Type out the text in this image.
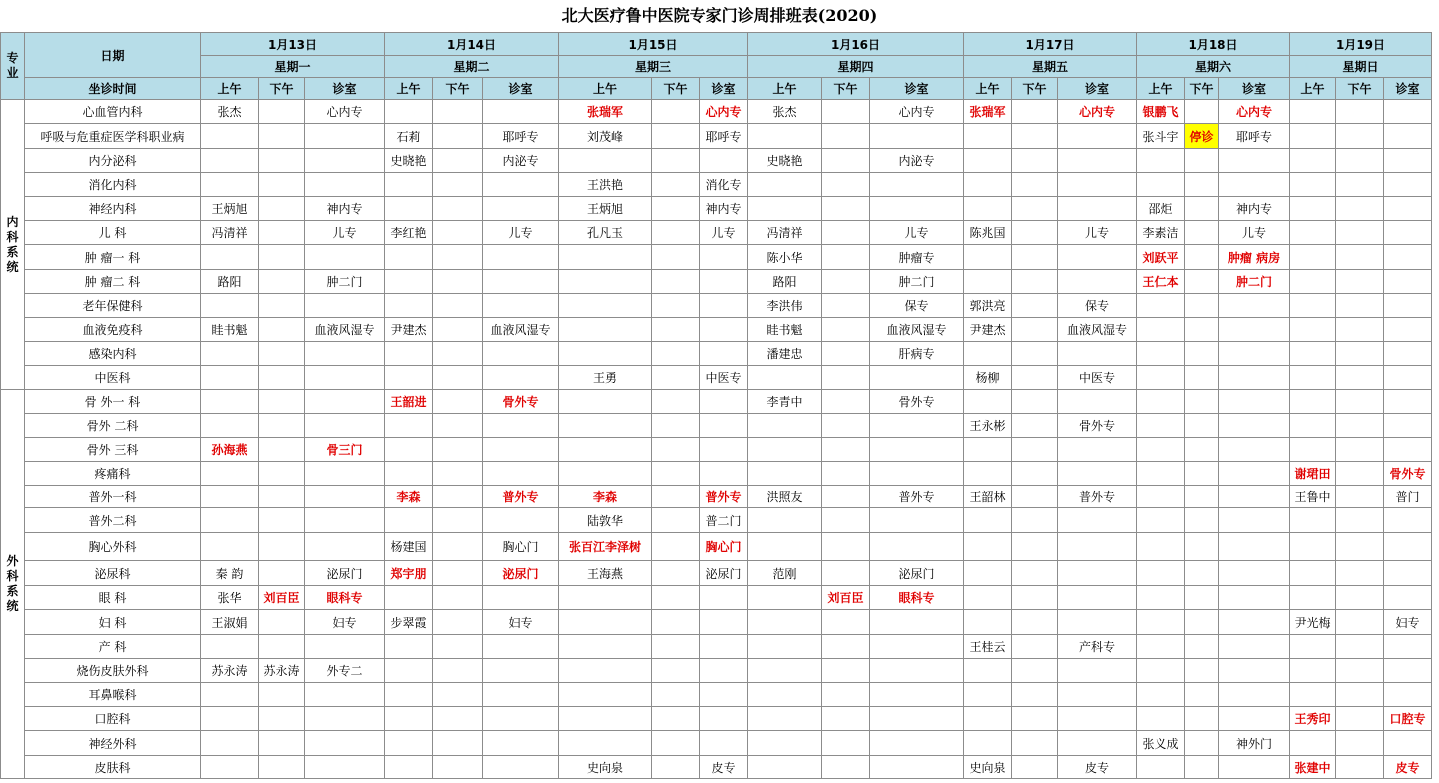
北大医疗鲁中医院专家门诊周排班表(2020)
专业	日期	1月13日			1月14日			1月15日			1月16日			1月17日			1月18日			1月19日		
		星期一			星期二			星期三			星期四			星期五			星期六			星期日		
	坐诊时间	上午	下午	诊室	上午	下午	诊室	上午	下午	诊室	上午	下午	诊室	上午	下午	诊室	上午	下午	诊室	上午	下午	诊室
内科系统	心血管内科	张杰		心内专				张瑞军		心内专	张杰		心内专	张瑞军		心内专	银鹏飞		心内专			
	呼吸与危重症医学科职业病				石莉		耶呼专	刘茂峰		耶呼专							张斗宇	停诊	耶呼专			
	内分泌科				史晓艳		内泌专				史晓艳		内泌专									
	消化内科							王洪艳		消化专												
	神经内科	王炳旭		神内专				王炳旭		神内专							邵炬		神内专			
	儿 科	冯清祥		儿专	李红艳		儿专	孔凡玉		儿专	冯清祥		儿专	陈兆国		儿专	李素洁		儿专			
	肿 瘤一 科										陈小华		肿瘤专				刘跃平		肿瘤 病房			
	肿 瘤二 科	路阳		肿二门							路阳		肿二门				王仁本		肿二门			
	老年保健科										李洪伟		保专	郭洪亮		保专						
	血液免疫科	眭书魁		血液风湿专	尹建杰		血液风湿专				眭书魁		血液风湿专	尹建杰		血液风湿专						
	感染内科										潘建忠		肝病专									
	中医科							王勇		中医专				杨柳		中医专						
外科系统	骨 外一 科				王韶进		骨外专				李青中		骨外专									
	骨外 二科													王永彬		骨外专						
	骨外 三科	孙海燕		骨三门																		
	疼痛科																			谢珺田		骨外专
	普外一科				李森		普外专	李森		普外专	洪照友		普外专	王韶林		普外专				王鲁中		普门
	普外二科							陆敦华		普二门												
	胸心外科				杨建国		胸心门	张百江李泽树		胸心门												
	泌尿科	秦 韵		泌尿门	郑宇朋		泌尿门	王海燕		泌尿门	范刚		泌尿门									
	眼 科	张华	刘百臣	眼科专								刘百臣	眼科专									
	妇 科	王淑娟		妇专	步翠霞		妇专													尹光梅		妇专
	产 科													王桂云		产科专						
	烧伤皮肤外科	苏永涛	苏永涛	外专二																		
	耳鼻喉科																					
	口腔科																			王秀印		口腔专
	神经外科																张义成		神外门			
	皮肤科							史向泉		皮专				史向泉		皮专				张建中		皮专
